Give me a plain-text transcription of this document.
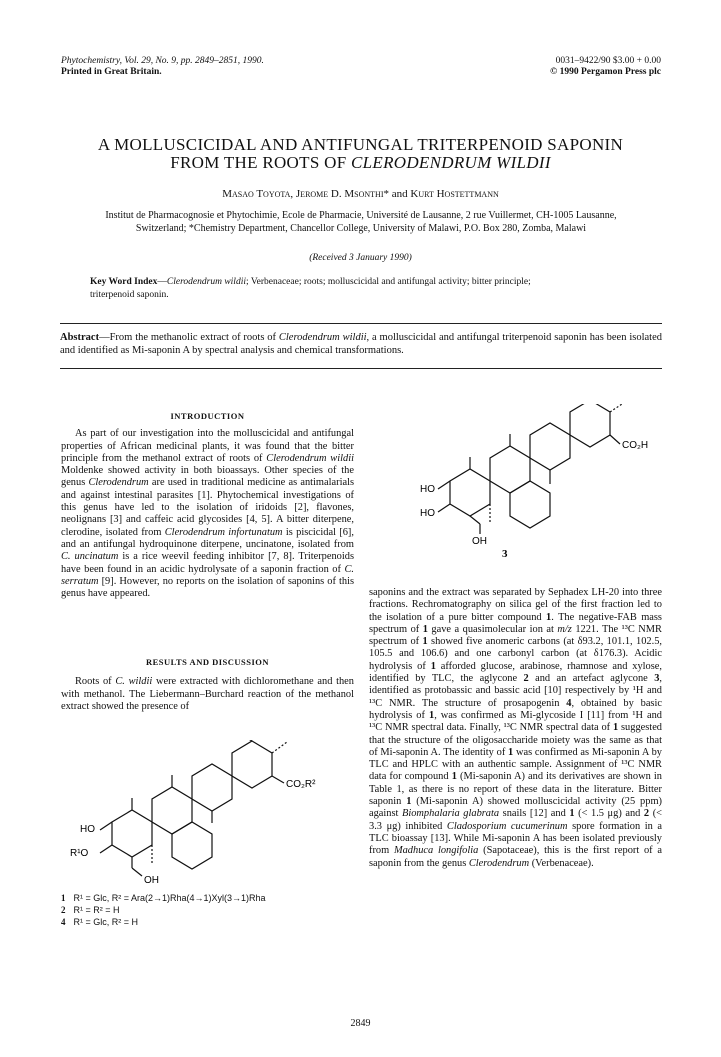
Phytochemistry, Vol. 29, No. 9, pp. 2849–2851, 1990.
Printed in Great Britain.
0031–9422/90 $3.00 + 0.00
© 1990 Pergamon Press plc
A MOLLUSCICIDAL AND ANTIFUNGAL TRITERPENOID SAPONIN
FROM THE ROOTS OF CLERODENDRUM WILDII
Masao Toyota, Jerome D. Msonthi* and Kurt Hostettmann
Institut de Pharmacognosie et Phytochimie, Ecole de Pharmacie, Université de Lausanne, 2 rue Vuillermet, CH-1005 Lausanne,
Switzerland; *Chemistry Department, Chancellor College, University of Malawi, P.O. Box 280, Zomba, Malawi
(Received 3 January 1990)
Key Word Index—Clerodendrum wildii; Verbenaceae; roots; molluscicidal and antifungal activity; bitter principle;
triterpenoid saponin.
Abstract—From the methanolic extract of roots of Clerodendrum wildii, a molluscicidal and antifungal triterpenoid saponin has been isolated and identified as Mi-saponin A by spectral analysis and chemical transformations.
INTRODUCTION

As part of our investigation into the molluscicidal and antifungal properties of African medicinal plants, it was found that the bitter principle from the methanol extract of roots of Clerodendrum wildii Moldenke showed activity in both bioassays. Other species of the genus Clerodendrum are used in traditional medicine as antimalarials and against intestinal parasites [1]. Phytochemical investigations of this genus have led to the isolation of iridoids [2], flavones, neolignans [3] and caffeic acid glycosides [4, 5]. A bitter diterpene, clerodine, isolated from Clerodendrum infortunatum is piscicidal [6], and an antifungal hydroquinone diterpene, uncinatone, isolated from C. uncinatum is a rice weevil feeding inhibitor [7, 8]. Triterpenoids have been found in an acidic hydrolysate of a saponin fraction of C. serratum [9]. However, no reports on the isolation of saponins of this genus have appeared.

RESULTS AND DISCUSSION

Roots of C. wildii were extracted with dichloromethane and then with methanol. The Liebermann–Burchard reaction of the methanol extract showed the presence of

HO
R¹O
CO₂R²
OH
1 R¹ = Glc, R² = Ara(2→1)Rha(4→1)Xyl(3→1)Rha
2 R¹ = R² = H
4 R¹ = Glc, R² = H
HO
HO
CO₂H
OH
3

saponins and the extract was separated by Sephadex LH-20 into three fractions. Rechromatography on silica gel of the first fraction led to the isolation of a pure bitter compound 1. The negative-FAB mass spectrum of 1 gave a quasimolecular ion at m/z 1221. The ¹³C NMR spectrum of 1 showed five anomeric carbons (at δ93.2, 101.1, 102.5, 105.5 and 106.6) and one carbonyl carbon (at δ176.3). Acidic hydrolysis of 1 afforded glucose, arabinose, rhamnose and xylose, identified by TLC, the aglycone 2 and an artefact aglycone 3, identified as protobassic and bassic acid [10] respectively by ¹H and ¹³C NMR. The structure of prosapogenin 4, obtained by basic hydrolysis of 1, was confirmed as Mi-glycoside I [11] from ¹H and ¹³C NMR spectral data. Finally, ¹³C NMR spectral data of 1 suggested that the structure of the oligosaccharide moiety was the same as that of Mi-saponin A. The identity of 1 was confirmed as Mi-saponin A by TLC and HPLC with an authentic sample. Assignment of ¹³C NMR data for compound 1 (Mi-saponin A) and its derivatives are shown in Table 1, as there is no report of these data in the literature. Bitter saponin 1 (Mi-saponin A) showed molluscicidal activity (25 ppm) against Biomphalaria glabrata snails [12] and 1 (< 1.5 μg) and 2 (< 3.3 μg) inhibited Cladosporium cucumerinum spore formation in a TLC bioassay [13]. While Mi-saponin A has been isolated previously from Madhuca longifolia (Sapotaceae), this is the first report of a saponin from the genus Clerodendrum (Verbenaceae).

2849
